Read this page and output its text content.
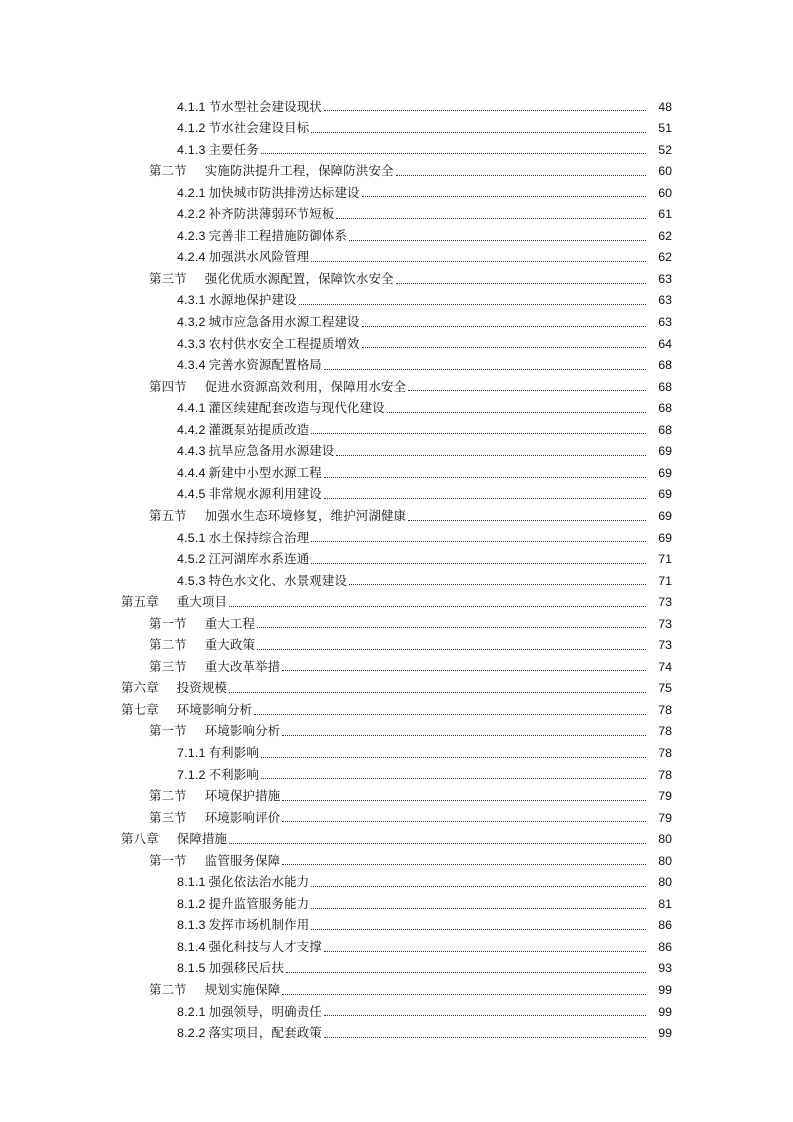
4.1.1 节水型社会建设现状	48
4.1.2 节水社会建设目标	51
4.1.3 主要任务	52
第二节 实施防洪提升工程，保障防洪安全	60
4.2.1 加快城市防洪排涝达标建设	60
4.2.2 补齐防洪薄弱环节短板	61
4.2.3 完善非工程措施防御体系	62
4.2.4 加强洪水风险管理	62
第三节 强化优质水源配置，保障饮水安全	63
4.3.1 水源地保护建设	63
4.3.2 城市应急备用水源工程建设	63
4.3.3 农村供水安全工程提质增效	64
4.3.4 完善水资源配置格局	68
第四节 促进水资源高效利用，保障用水安全	68
4.4.1 灌区续建配套改造与现代化建设	68
4.4.2 灌溉泵站提质改造	68
4.4.3 抗旱应急备用水源建设	69
4.4.4 新建中小型水源工程	69
4.4.5 非常规水源利用建设	69
第五节 加强水生态环境修复，维护河湖健康	69
4.5.1 水土保持综合治理	69
4.5.2 江河湖库水系连通	71
4.5.3 特色水文化、水景观建设	71
第五章 重大项目	73
第一节 重大工程	73
第二节 重大政策	73
第三节 重大改革举措	74
第六章 投资规模	75
第七章 环境影响分析	78
第一节 环境影响分析	78
7.1.1 有利影响	78
7.1.2 不利影响	78
第二节 环境保护措施	79
第三节 环境影响评价	79
第八章 保障措施	80
第一节 监管服务保障	80
8.1.1 强化依法治水能力	80
8.1.2 提升监管服务能力	81
8.1.3 发挥市场机制作用	86
8.1.4 强化科技与人才支撑	86
8.1.5 加强移民后扶	93
第二节 规划实施保障	99
8.2.1 加强领导，明确责任	99
8.2.2 落实项目，配套政策	99
